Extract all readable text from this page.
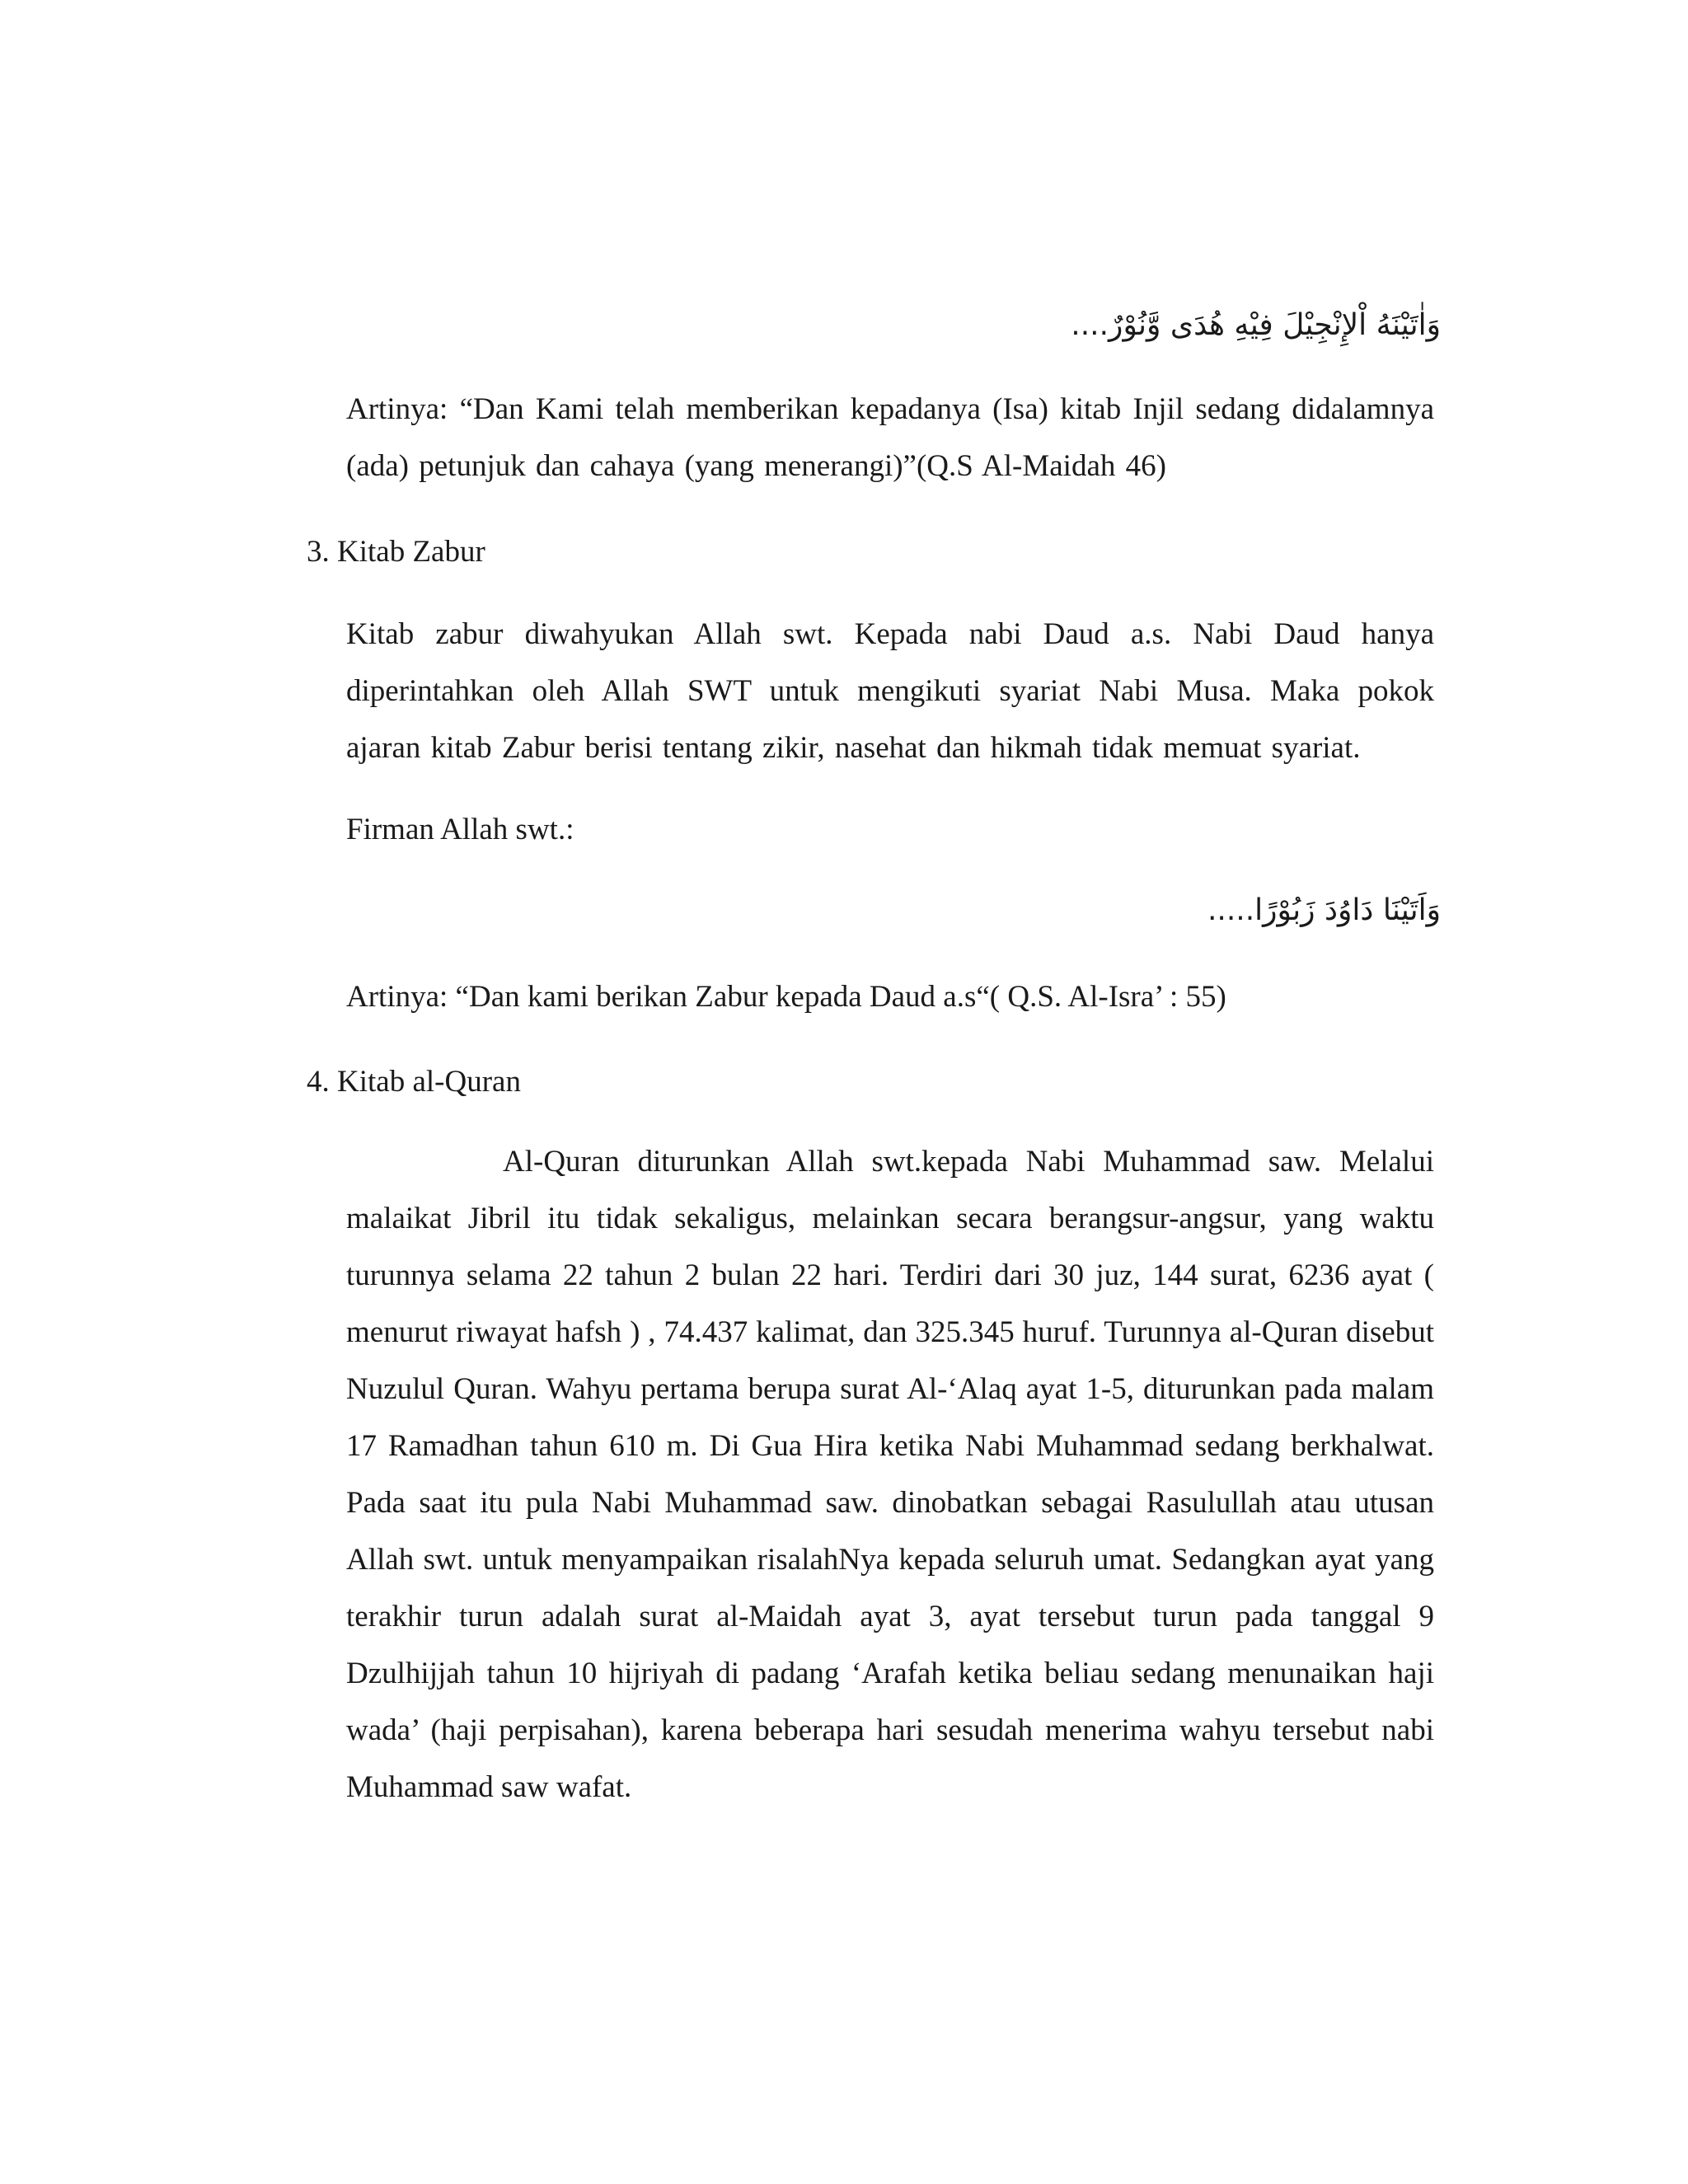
وَاٰتَيْنَهُ اْلإِنْجِيْلَ فِيْهِ هُدَى وَّنُوْرٌ....
Artinya: “Dan Kami telah memberikan kepadanya (Isa) kitab Injil sedang didalamnya (ada) petunjuk dan cahaya (yang menerangi)”(Q.S Al-Maidah 46)
3. Kitab Zabur
Kitab zabur diwahyukan Allah swt. Kepada nabi Daud a.s. Nabi Daud hanya diperintahkan oleh Allah SWT untuk mengikuti syariat Nabi Musa. Maka pokok ajaran kitab Zabur berisi tentang zikir, nasehat dan hikmah tidak memuat syariat.
Firman Allah swt.:
وَاَتَيْنَا دَاوُدَ زَبُوْرًا.....
Artinya: “Dan kami berikan Zabur kepada Daud a.s“( Q.S. Al-Isra’ : 55)
4. Kitab al-Quran
Al-Quran diturunkan Allah swt.kepada Nabi Muhammad saw. Melalui malaikat Jibril itu tidak sekaligus, melainkan secara berangsur-angsur, yang waktu turunnya selama 22 tahun 2 bulan 22 hari. Terdiri dari 30 juz, 144 surat, 6236 ayat ( menurut riwayat hafsh ) , 74.437 kalimat, dan 325.345 huruf. Turunnya al-Quran disebut Nuzulul Quran. Wahyu pertama berupa surat Al-‘Alaq ayat 1-5, diturunkan pada malam 17 Ramadhan tahun 610 m. Di Gua Hira ketika Nabi Muhammad sedang berkhalwat. Pada saat itu pula Nabi Muhammad saw. dinobatkan sebagai Rasulullah atau utusan Allah swt. untuk menyampaikan risalahNya kepada seluruh umat. Sedangkan ayat yang terakhir turun adalah surat al-Maidah ayat 3, ayat tersebut turun pada tanggal 9 Dzulhijjah tahun 10 hijriyah di padang ‘Arafah ketika beliau sedang menunaikan haji wada’ (haji perpisahan), karena beberapa hari sesudah menerima wahyu tersebut nabi Muhammad saw wafat.
